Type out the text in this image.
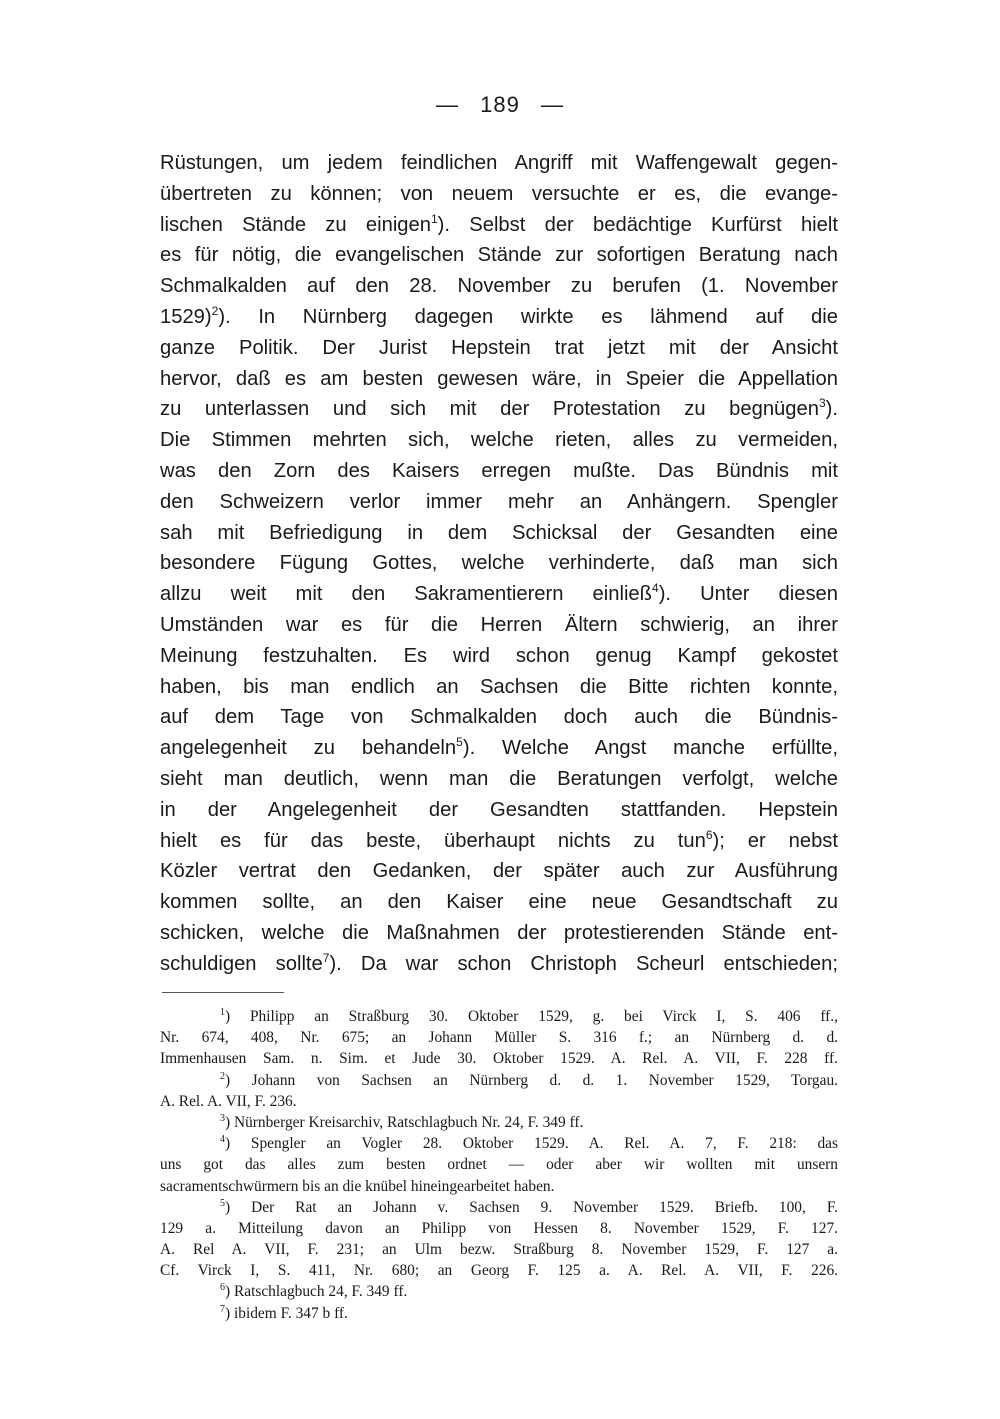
— 189 —
Rüstungen, um jedem feindlichen Angriff mit Waffengewalt gegen-
übertreten zu können; von neuem versuchte er es, die evange-
lischen Stände zu einigen$^1$). Selbst der bedächtige Kurfürst hielt
es für nötig, die evangelischen Stände zur sofortigen Beratung nach
Schmalkalden auf den 28. November zu berufen (1. November
1529)$^2$). In Nürnberg dagegen wirkte es lähmend auf die
ganze Politik. Der Jurist Hepstein trat jetzt mit der Ansicht
hervor, daß es am besten gewesen wäre, in Speier die Appellation
zu unterlassen und sich mit der Protestation zu begnügen$^3$).
Die Stimmen mehrten sich, welche rieten, alles zu vermeiden,
was den Zorn des Kaisers erregen mußte. Das Bündnis mit
den Schweizern verlor immer mehr an Anhängern. Spengler
sah mit Befriedigung in dem Schicksal der Gesandten eine
besondere Fügung Gottes, welche verhinderte, daß man sich
allzu weit mit den Sakramentierern einließ$^4$). Unter diesen
Umständen war es für die Herren Ältern schwierig, an ihrer
Meinung festzuhalten. Es wird schon genug Kampf gekostet
haben, bis man endlich an Sachsen die Bitte richten konnte,
auf dem Tage von Schmalkalden doch auch die Bündnis-
angelegenheit zu behandeln$^5$). Welche Angst manche erfüllte,
sieht man deutlich, wenn man die Beratungen verfolgt, welche
in der Angelegenheit der Gesandten stattfanden. Hepstein
hielt es für das beste, überhaupt nichts zu tun$^6$); er nebst
Közler vertrat den Gedanken, der später auch zur Ausführung
kommen sollte, an den Kaiser eine neue Gesandtschaft zu
schicken, welche die Maßnahmen der protestierenden Stände ent-
schuldigen sollte$^7$). Da war schon Christoph Scheurl entschieden;
$^1$) Philipp an Straßburg 30. Oktober 1529, g. bei Virck I, S. 406 ff.,
Nr. 674, 408, Nr. 675; an Johann Müller S. 316 f.; an Nürnberg d. d.
Immenhausen Sam. n. Sim. et Jude 30. Oktober 1529. A. Rel. A. VII, F. 228 ff.
$^2$) Johann von Sachsen an Nürnberg d. d. 1. November 1529, Torgau.
A. Rel. A. VII, F. 236.
$^3$) Nürnberger Kreisarchiv, Ratschlagbuch Nr. 24, F. 349 ff.
$^4$) Spengler an Vogler 28. Oktober 1529. A. Rel. A. 7, F. 218: das
uns got das alles zum besten ordnet — oder aber wir wollten mit unsern
sacramentschwürmern bis an die knübel hineingearbeitet haben.
$^5$) Der Rat an Johann v. Sachsen 9. November 1529. Briefb. 100, F.
129 a. Mitteilung davon an Philipp von Hessen 8. November 1529, F. 127.
A. Rel A. VII, F. 231; an Ulm bezw. Straßburg 8. November 1529, F. 127 a.
Cf. Virck I, S. 411, Nr. 680; an Georg F. 125 a. A. Rel. A. VII, F. 226.
$^6$) Ratschlagbuch 24, F. 349 ff.
$^7$) ibidem F. 347 b ff.
